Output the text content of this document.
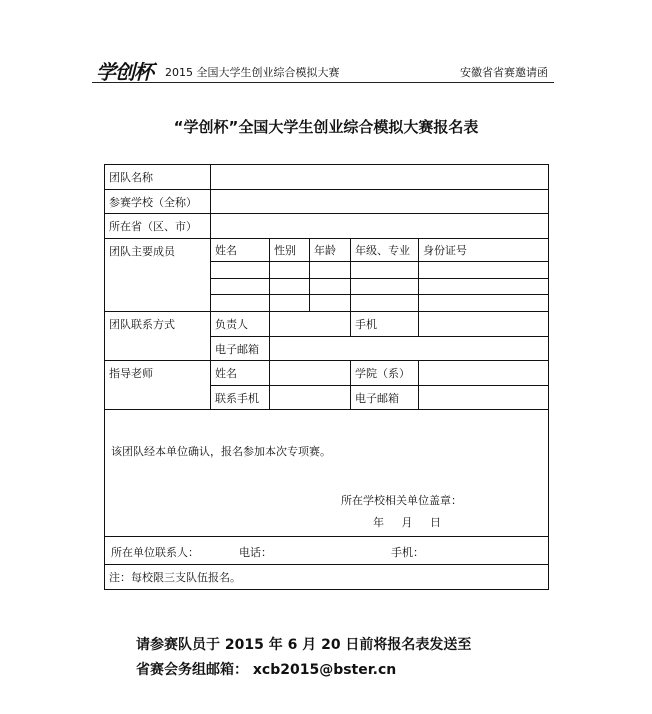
学创杯 2015 全国大学生创业综合模拟大赛	安徽省省赛邀请函
“学创杯”全国大学生创业综合模拟大赛报名表
团队名称					
参赛学校（全称）					
所在省（区、市）					
团队主要成员	姓名	性别	年龄	年级、专业	身份证号

团队联系方式	负责人			手机	
	电子邮箱				
指导老师	姓名			学院（系）	
	联系手机			电子邮箱	

该团队经本单位确认，报名参加本次专项赛。
所在学校相关单位盖章：
年 月 日					

所在单位联系人： 电话： 手机：					

注：每校限三支队伍报名。					
请参赛队员于 2015 年 6 月 20 日前将报名表发送至
省赛会务组邮箱： xcb2015@bster.cn
